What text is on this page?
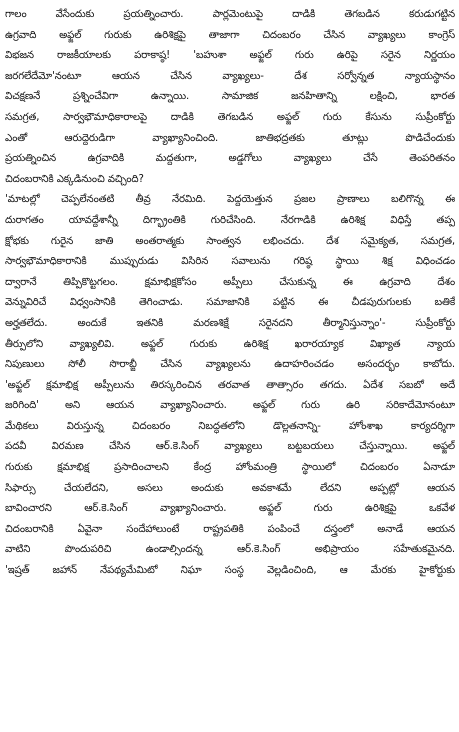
గాలం వేసేందుకు ప్రయత్నించారు. పార్లమెంటుపై దాడికి తెగబడిన కరుడుగట్టిన
ఉగ్రవాది అఫ్జల్ గురుకు ఉరిశిక్షపై తాజాగా చిదంబరం చేసిన వ్యాఖ్యలు కాంగ్రెస్
విభజన రాజకీయాలకు పరాకాష్ఠ! 'బహుశా అఫ్జల్ గురు ఉరిపై సరైన నిర్ణయం
జరగలేదేమో'నంటూ ఆయన చేసిన వ్యాఖ్యలు- దేశ సర్వోన్నత న్యాయస్థానం
విచక్షణనే ప్రశ్నించేవిగా ఉన్నాయి. సామాజిక జనహితాన్ని లక్షించి, భారత
సమగ్రత, సార్వభౌమాధికారాలపై దాడికి తెగబడిన అఫ్జల్ గురు కేసును సుప్రీంకోర్టు
ఎంతో ఆరుద్దెరుడిగా వ్యాఖ్యానించింది. జాతిభద్రతకు తూట్లు పొడిచేందుకు
ప్రయత్నించిన ఉగ్రవాదికి మద్దతుగా, అడ్డగోలు వ్యాఖ్యలు చేసే తెంపరితనం
చిదంబరానికి ఎక్కడినుంచి వచ్చింది?
'మాటల్లో చెప్పలేనంతటి తీవ్ర నేరమిది. పెద్దయెత్తున ప్రజల ప్రాణాలు బలిగొన్న ఈ
దురాగతం యావద్దేశాన్నీ దిగ్భ్రాంతికి గురిచేసింది. నేరగాడికి ఉరిశిక్ష విధిస్తే తప్ప
క్షోభకు గురైన జాతి అంతరాత్మకు సాంత్వన లభించదు. దేశ సమైక్యత, సమగ్రత,
సార్వభౌమాధికారానికి ముప్పురుడు విసిరిన సవాలును గరిష్ఠ స్థాయి శిక్ష విధించడం
ద్వారానే తిప్పికొట్టగలం. క్షమాభిక్షకోసం అప్పీలు చేసుకున్న ఈ ఉగ్రవాది దేశం
వెన్నువిరిచే విధ్వంసానికి తెగించాడు. సమాజానికి పట్టిన ఈ చీడపురుగులకు బతికే
అర్హతలేదు. అందుకే ఇతనికి మరణశిక్షే సరైనదని తీర్మానిస్తున్నాం'- సుప్రీంకోర్టు
తీర్పులోని వ్యాఖ్యలివి. అఫ్జల్ గురుకు ఉరిశిక్ష ఖరారయ్యాక విఖ్యాత న్యాయ
నిపుణులు సోలీ సొరాబ్జీ చేసిన వ్యాఖ్యలను ఉదాహరించడం అసందర్భం కాబోదు.
'అఫ్జల్ క్షమాభిక్ష అప్పీలును తిరస్కరించిన తరవాత తాత్సారం తగదు. ఏదేశ సబబో అదే
జరిగింది' అని ఆయన వ్యాఖ్యానించారు. అఫ్జల్ గురు ఉరి సరికాదేమోనంటూ
మేథికలు విరుస్తున్న చిదంబరం నిబద్ధతలోని డొల్లతనాన్ని- హోంశాఖ కార్యదర్శిగా
పదవీ విరమణ చేసిన ఆర్.కె.సింగ్ వ్యాఖ్యలు బట్టబయలు చేస్తున్నాయి. అఫ్జల్
గురుకు క్షమాభిక్ష ప్రసాదించాలని కేంద్ర హోంమంత్రి స్థాయిలో చిదంబరం ఏనాడూ
సిఫార్సు చేయలేదని, అసలు అందుకు అవకాశమే లేదని అప్పట్లో ఆయన
బావించారని ఆర్.కె.సింగ్ వ్యాఖ్యానించారు. అఫ్జల్ గురు ఉరిశిక్షపై ఒకవేళ
చిదంబరానికి ఏవైనా సందేహాలుంటే రాష్ట్రపతికి పంపించే దస్త్రంలో అనాడే ఆయన
వాటిని పొందుపరిచి ఉండాల్సిందన్న ఆర్.కె.సింగ్ అభిప్రాయం సహేతుకమైనది.
'ఇష్రత్ జహాన్ నేపథ్యమేమిటో నిఘా సంస్థ వెల్లడించింది, ఆ మేరకు హైకోర్టుకు
